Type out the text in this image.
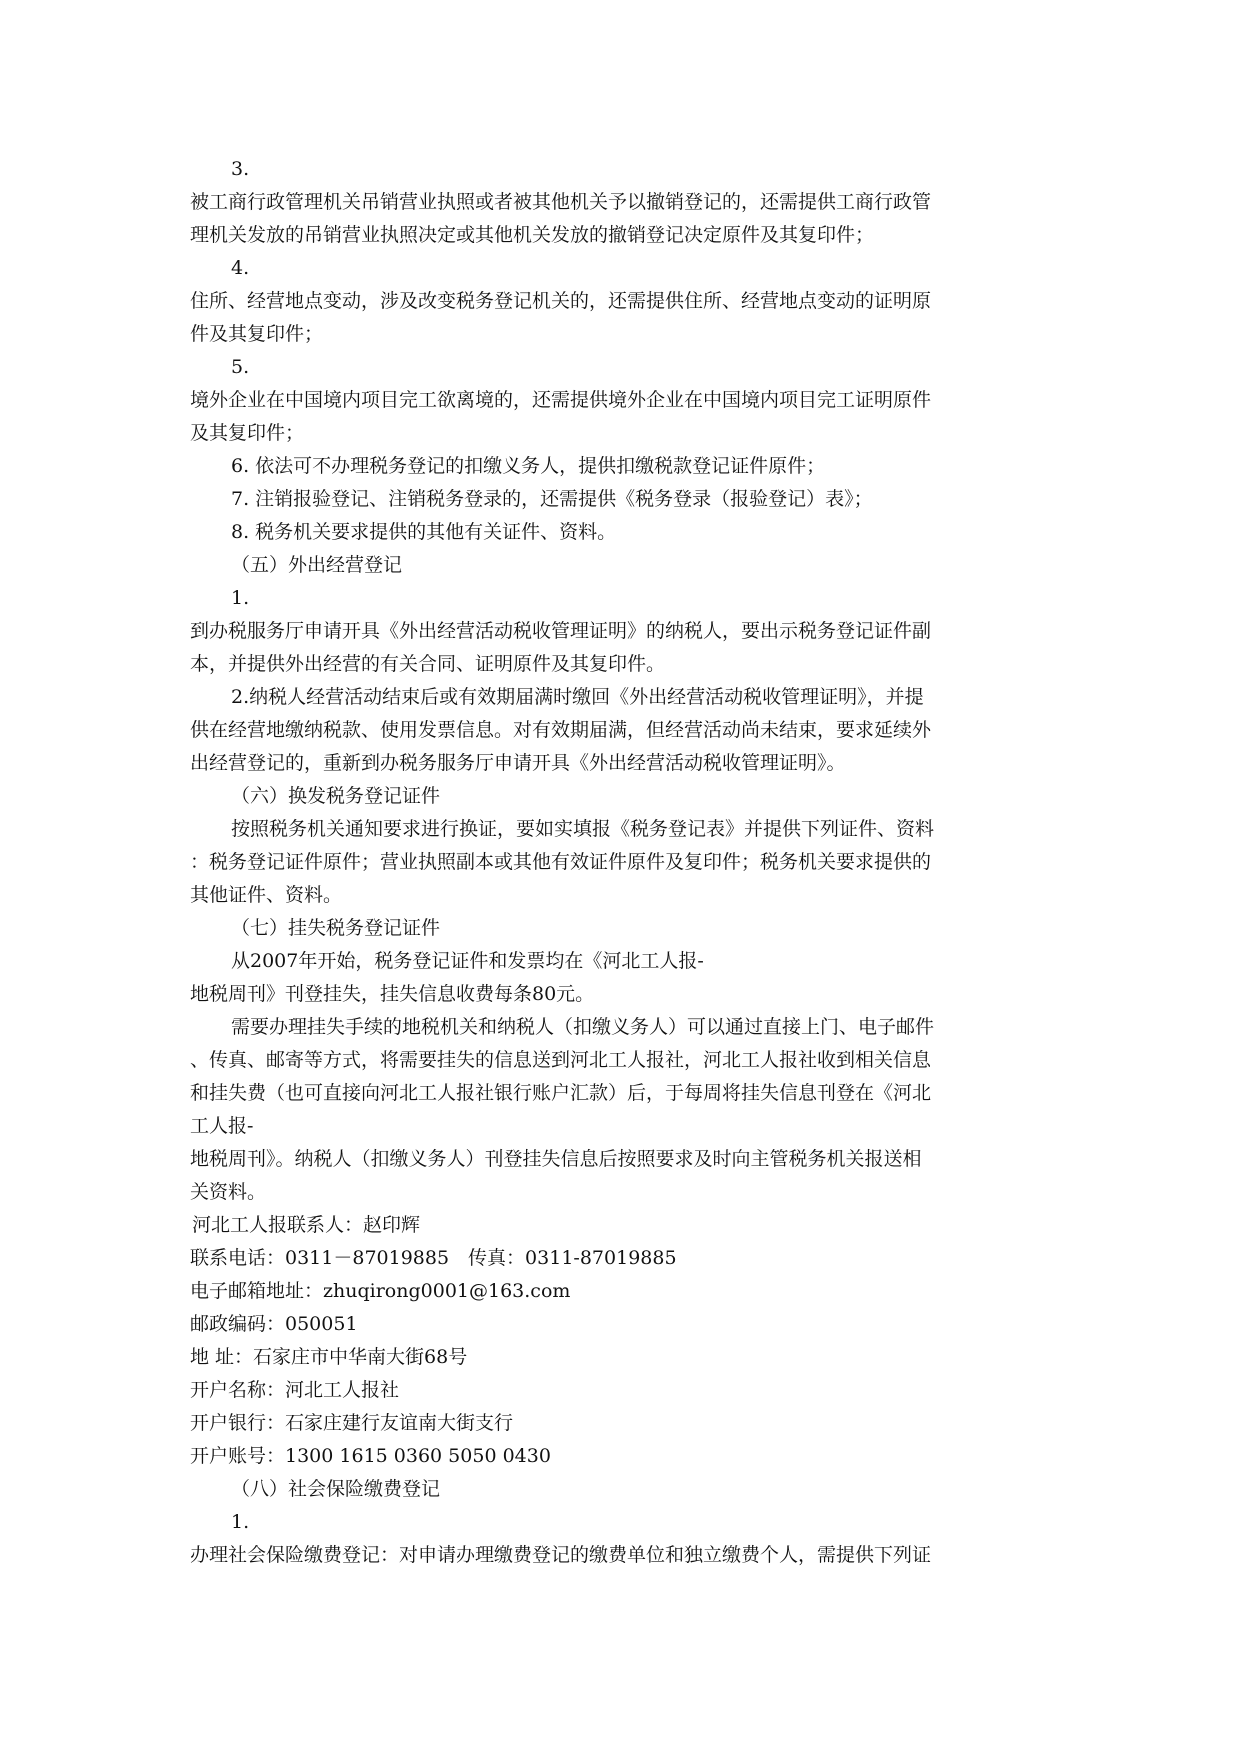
3.
被工商行政管理机关吊销营业执照或者被其他机关予以撤销登记的，还需提供工商行政管
理机关发放的吊销营业执照决定或其他机关发放的撤销登记决定原件及其复印件；
4.
住所、经营地点变动，涉及改变税务登记机关的，还需提供住所、经营地点变动的证明原
件及其复印件；
5.
境外企业在中国境内项目完工欲离境的，还需提供境外企业在中国境内项目完工证明原件
及其复印件；
6. 依法可不办理税务登记的扣缴义务人，提供扣缴税款登记证件原件；
7. 注销报验登记、注销税务登录的，还需提供《税务登录（报验登记）表》；
8. 税务机关要求提供的其他有关证件、资料。
（五）外出经营登记
1.
到办税服务厅申请开具《外出经营活动税收管理证明》的纳税人，要出示税务登记证件副
本，并提供外出经营的有关合同、证明原件及其复印件。
2.纳税人经营活动结束后或有效期届满时缴回《外出经营活动税收管理证明》，并提
供在经营地缴纳税款、使用发票信息。对有效期届满，但经营活动尚未结束，要求延续外
出经营登记的，重新到办税务服务厅申请开具《外出经营活动税收管理证明》。
（六）换发税务登记证件
按照税务机关通知要求进行换证，要如实填报《税务登记表》并提供下列证件、资料
：税务登记证件原件；营业执照副本或其他有效证件原件及复印件；税务机关要求提供的
其他证件、资料。
（七）挂失税务登记证件
从2007年开始，税务登记证件和发票均在《河北工人报-
地税周刊》刊登挂失，挂失信息收费每条80元。
需要办理挂失手续的地税机关和纳税人（扣缴义务人）可以通过直接上门、电子邮件
、传真、邮寄等方式，将需要挂失的信息送到河北工人报社，河北工人报社收到相关信息
和挂失费（也可直接向河北工人报社银行账户汇款）后，于每周将挂失信息刊登在《河北
工人报-
地税周刊》。纳税人（扣缴义务人）刊登挂失信息后按照要求及时向主管税务机关报送相
关资料。
河北工人报联系人：赵印辉
联系电话：0311－87019885　传真：0311-87019885
电子邮箱地址：zhuqirong0001@163.com
邮政编码：050051
地 址：石家庄市中华南大街68号
开户名称：河北工人报社
开户银行：石家庄建行友谊南大街支行
开户账号：1300 1615 0360 5050 0430
（八）社会保险缴费登记
1.
办理社会保险缴费登记：对申请办理缴费登记的缴费单位和独立缴费个人，需提供下列证
